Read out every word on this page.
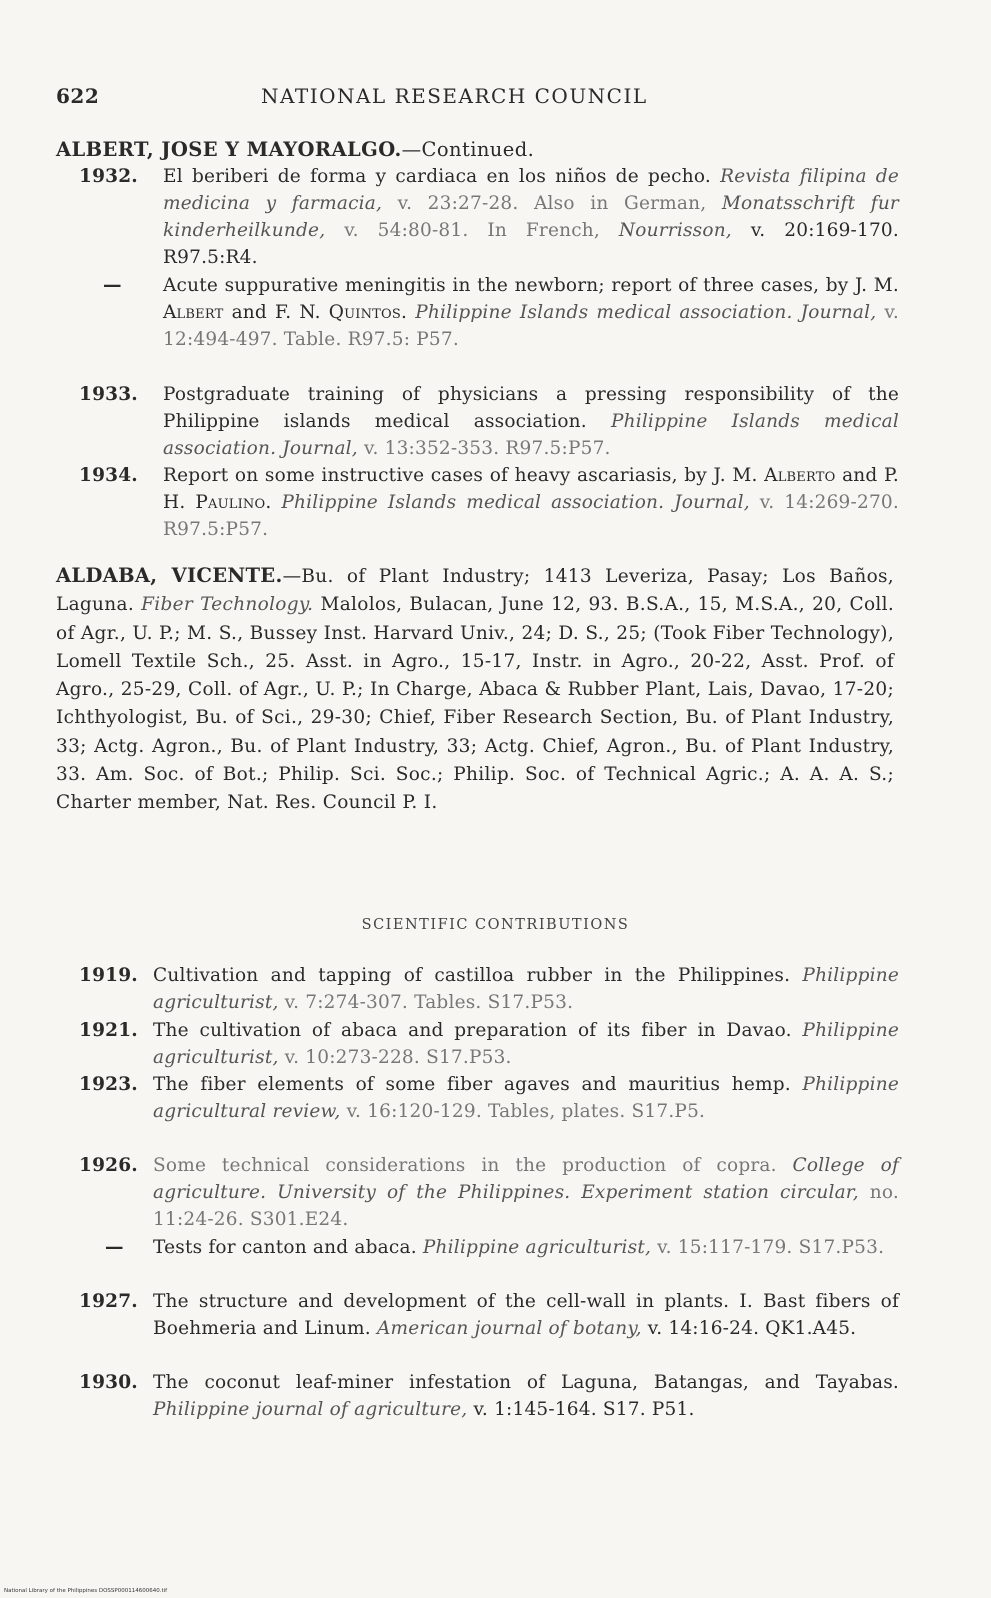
622	NATIONAL RESEARCH COUNCIL
ALBERT, JOSE Y MAYORALGO.—Continued.
1932. El beriberi de forma y cardiaca en los niños de pecho. Revista filipina de medicina y farmacia, v. 23:27-28. Also in German, Monatsschrift fur kinderheilkunde, v. 54:80-81. In French, Nourrisson, v. 20:169-170. R97.5:R4.
—	Acute suppurative meningitis in the newborn; report of three cases, by J. M. Albert and F. N. Quintos. Philippine Islands medical association. Journal, v. 12:494-497. Table. R97.5: P57.
1933. Postgraduate training of physicians a pressing responsibility of the Philippine islands medical association. Philippine Islands medical association. Journal, v. 13:352-353. R97.5:P57.
1934. Report on some instructive cases of heavy ascariasis, by J. M. Alberto and P. H. Paulino. Philippine Islands medical association. Journal, v. 14:269-270. R97.5:P57.
ALDABA, VICENTE.—Bu. of Plant Industry; 1413 Leveriza, Pasay; Los Baños, Laguna. Fiber Technology. Malolos, Bulacan, June 12, 93. B.S.A., 15, M.S.A., 20, Coll. of Agr., U. P.; M. S., Bussey Inst. Harvard Univ., 24; D. S., 25; (Took Fiber Technology), Lomell Textile Sch., 25. Asst. in Agro., 15-17, Instr. in Agro., 20-22, Asst. Prof. of Agro., 25-29, Coll. of Agr., U. P.; In Charge, Abaca & Rubber Plant, Lais, Davao, 17-20; Ichthyologist, Bu. of Sci., 29-30; Chief, Fiber Research Section, Bu. of Plant Industry, 33; Actg. Agron., Bu. of Plant Industry, 33; Actg. Chief, Agron., Bu. of Plant Industry, 33. Am. Soc. of Bot.; Philip. Sci. Soc.; Philip. Soc. of Technical Agric.; A. A. A. S.; Charter member, Nat. Res. Council P. I.
SCIENTIFIC CONTRIBUTIONS
1919. Cultivation and tapping of castilloa rubber in the Philippines. Philippine agriculturist, v. 7:274-307. Tables. S17.P53.
1921. The cultivation of abaca and preparation of its fiber in Davao. Philippine agriculturist, v. 10:273-228. S17.P53.
1923. The fiber elements of some fiber agaves and mauritius hemp. Philippine agricultural review, v. 16:120-129. Tables, plates. S17.P5.
1926. Some technical considerations in the production of copra. College of agriculture. University of the Philippines. Experiment station circular, no. 11:24-26. S301.E24.
—	Tests for canton and abaca. Philippine agriculturist, v. 15:117-179. S17.P53.
1927. The structure and development of the cell-wall in plants. I. Bast fibers of Boehmeria and Linum. American journal of botany, v. 14:16-24. QK1.A45.
1930. The coconut leaf-miner infestation of Laguna, Batangas, and Tayabas. Philippine journal of agriculture, v. 1:145-164. S17. P51.
National Library of the Philippines DOSSP000114600640.tif
